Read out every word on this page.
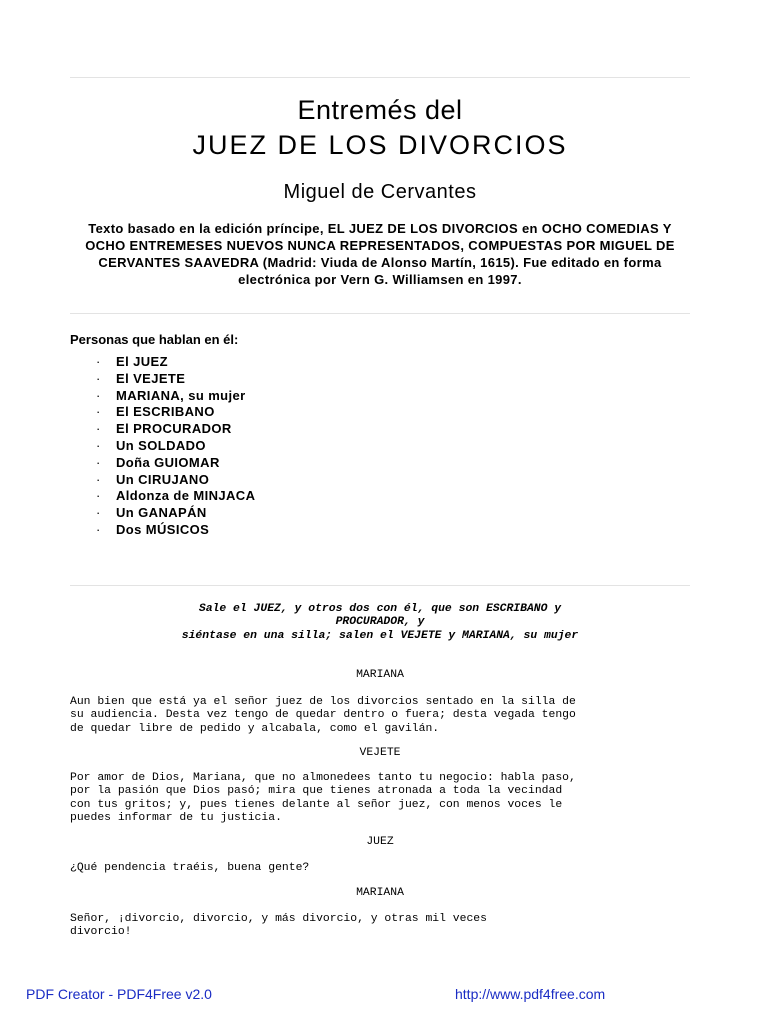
Entremés del
JUEZ DE LOS DIVORCIOS
Miguel de Cervantes

Texto basado en la edición príncipe, EL JUEZ DE LOS DIVORCIOS en OCHO COMEDIAS Y OCHO ENTREMESES NUEVOS NUNCA REPRESENTADOS, COMPUESTAS POR MIGUEL DE CERVANTES SAAVEDRA (Madrid: Viuda de Alonso Martín, 1615). Fue editado en forma electrónica por Vern G. Williamsen en 1997.

Personas que hablan en él:
· El JUEZ
· El VEJETE
· MARIANA, su mujer
· El ESCRIBANO
· El PROCURADOR
· Un SOLDADO
· Doña GUIOMAR
· Un CIRUJANO
· Aldonza de MINJACA
· Un GANAPÁN
· Dos MÚSICOS
Sale el JUEZ, y otros dos con él, que son ESCRIBANO y
PROCURADOR, y
siéntase en una silla; salen el VEJETE y MARIANA, su mujer
MARIANA
Aun bien que está ya el señor juez de los divorcios sentado en la silla de
su audiencia. Desta vez tengo de quedar dentro o fuera; desta vegada tengo
de quedar libre de pedido y alcabala, como el gavilán.
VEJETE
Por amor de Dios, Mariana, que no almonedees tanto tu negocio: habla paso,
por la pasión que Dios pasó; mira que tienes atronada a toda la vecindad
con tus gritos; y, pues tienes delante al señor juez, con menos voces le
puedes informar de tu justicia.
JUEZ
¿Qué pendencia traéis, buena gente?
MARIANA
Señor, ¡divorcio, divorcio, y más divorcio, y otras mil veces
divorcio!
PDF Creator - PDF4Free v2.0	http://www.pdf4free.com
